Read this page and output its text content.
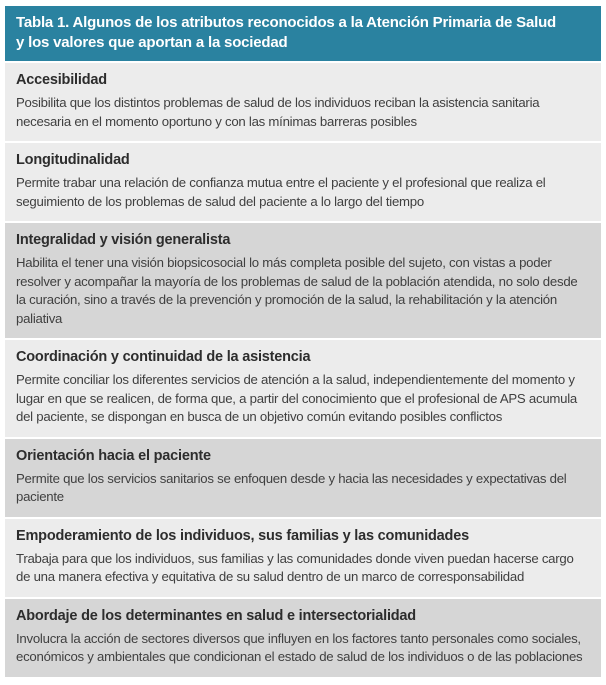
Tabla 1. Algunos de los atributos reconocidos a la Atención Primaria de Salud
y los valores que aportan a la sociedad
Accesibilidad

Posibilita que los distintos problemas de salud de los individuos reciban la asistencia sanitaria necesaria en el momento oportuno y con las mínimas barreras posibles

Longitudinalidad

Permite trabar una relación de confianza mutua entre el paciente y el profesional que realiza el seguimiento de los problemas de salud del paciente a lo largo del tiempo

Integralidad y visión generalista

Habilita el tener una visión biopsicosocial lo más completa posible del sujeto, con vistas a poder resolver y acompañar la mayoría de los problemas de salud de la población atendida, no solo desde la curación, sino a través de la prevención y promoción de la salud, la rehabilitación y la atención paliativa

Coordinación y continuidad de la asistencia

Permite conciliar los diferentes servicios de atención a la salud, independientemente del momento y lugar en que se realicen, de forma que, a partir del conocimiento que el profesional de APS acumula del paciente, se dispongan en busca de un objetivo común evitando posibles conflictos

Orientación hacia el paciente

Permite que los servicios sanitarios se enfoquen desde y hacia las necesidades y expectativas del paciente

Empoderamiento de los individuos, sus familias y las comunidades

Trabaja para que los individuos, sus familias y las comunidades donde viven puedan hacerse cargo de una manera efectiva y equitativa de su salud dentro de un marco de corresponsabilidad

Abordaje de los determinantes en salud e intersectorialidad

Involucra la acción de sectores diversos que influyen en los factores tanto personales como sociales, económicos y ambientales que condicionan el estado de salud de los individuos o de las poblaciones
